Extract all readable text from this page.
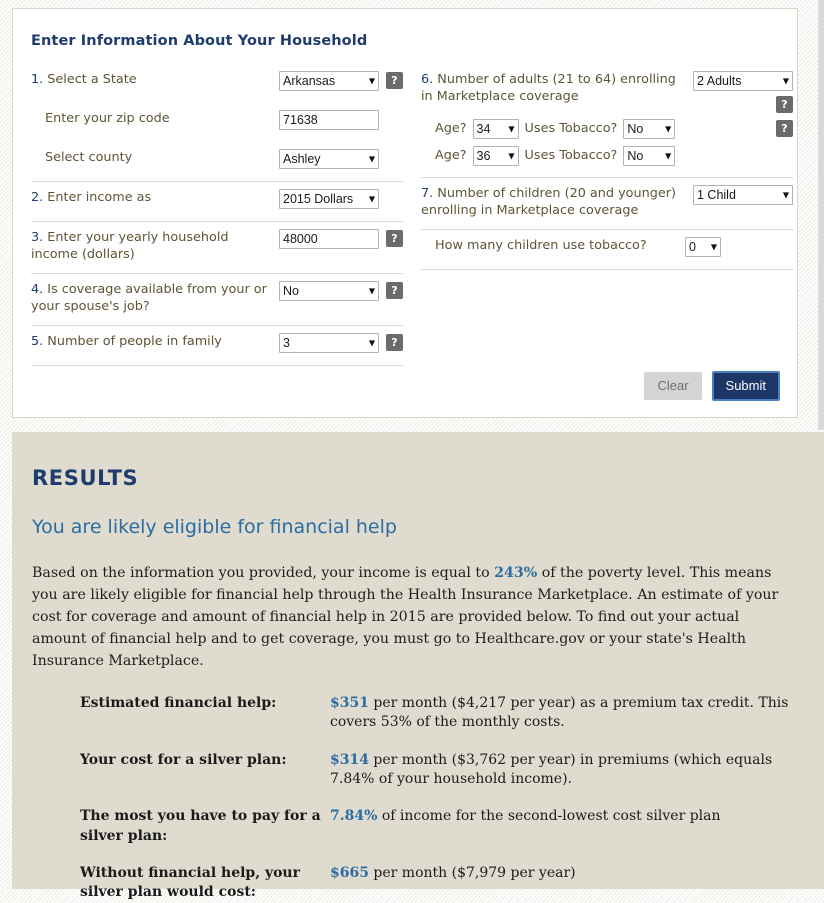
Enter Information About Your Household
1. Select a State
Arkansas ▼	?
Enter your zip code
71638
Select county
Ashley ▼
2. Enter income as
2015 Dollars ▼
3. Enter your yearly household income (dollars)
48000
?
4. Is coverage available from your or your spouse's job?
No ▼
?
5. Number of people in family
3 ▼	?
6. Number of adults (21 to 64) enrolling in Marketplace coverage
2 Adults ▼
?
Age?
34 ▼	Uses Tobacco?
No ▼	?
Age?
36 ▼	Uses Tobacco?
No ▼
7. Number of children (20 and younger) enrolling in Marketplace coverage
1 Child ▼
How many children use tobacco?
0 ▼
Clear	Submit
RESULTS
You are likely eligible for financial help

Based on the information you provided, your income is equal to 243% of the poverty level. This means you are likely eligible for financial help through the Health Insurance Marketplace. An estimate of your cost for coverage and amount of financial help in 2015 are provided below. To find out your actual amount of financial help and to get coverage, you must go to Healthcare.gov or your state's Health Insurance Marketplace.

Estimated financial help:	$351 per month ($4,217 per year) as a premium tax credit. This covers 53% of the monthly costs.
Your cost for a silver plan:	$314 per month ($3,762 per year) in premiums (which equals 7.84% of your household income).
The most you have to pay for a silver plan:
7.84% of income for the second-lowest cost silver plan
Without financial help, your silver plan would cost:
$665 per month ($7,979 per year)
